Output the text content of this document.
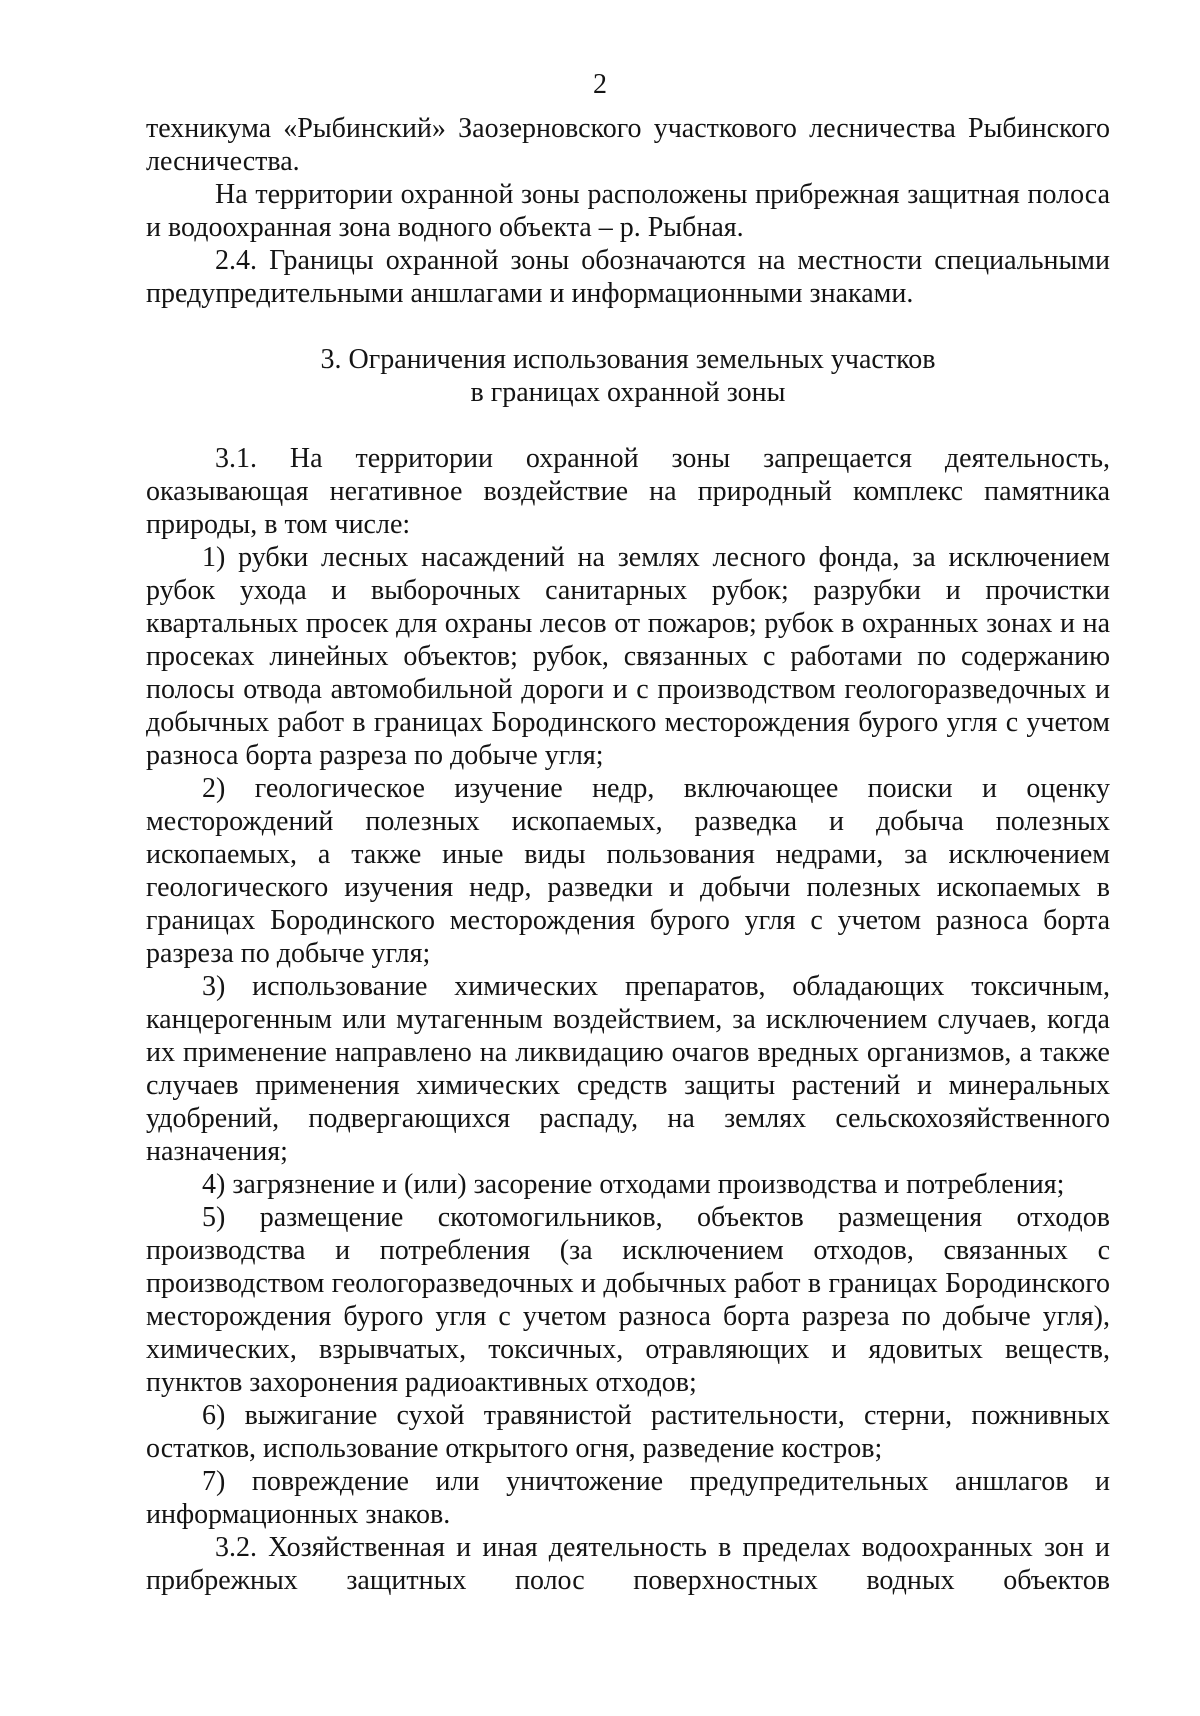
2

техникума «Рыбинский» Заозерновского участкового лесничества Рыбинского лесничества.

На территории охранной зоны расположены прибрежная защитная полоса и водоохранная зона водного объекта – р. Рыбная.

2.4. Границы охранной зоны обозначаются на местности специальными предупредительными аншлагами и информационными знаками.

3. Ограничения использования земельных участков
в границах охранной зоны

3.1. На территории охранной зоны запрещается деятельность, оказывающая негативное воздействие на природный комплекс памятника природы, в том числе:

1) рубки лесных насаждений на землях лесного фонда, за исключением рубок ухода и выборочных санитарных рубок; разрубки и прочистки квартальных просек для охраны лесов от пожаров; рубок в охранных зонах и на просеках линейных объектов; рубок, связанных с работами по содержанию полосы отвода автомобильной дороги и с производством геологоразведочных и добычных работ в границах Бородинского месторождения бурого угля с учетом разноса борта разреза по добыче угля;

2) геологическое изучение недр, включающее поиски и оценку месторождений полезных ископаемых, разведка и добыча полезных ископаемых, а также иные виды пользования недрами, за исключением геологического изучения недр, разведки и добычи полезных ископаемых в границах Бородинского месторождения бурого угля с учетом разноса борта разреза по добыче угля;

3) использование химических препаратов, обладающих токсичным, канцерогенным или мутагенным воздействием, за исключением случаев, когда их применение направлено на ликвидацию очагов вредных организмов, а также случаев применения химических средств защиты растений и минеральных удобрений, подвергающихся распаду, на землях сельскохозяйственного назначения;

4) загрязнение и (или) засорение отходами производства и потребления;

5) размещение скотомогильников, объектов размещения отходов производства и потребления (за исключением отходов, связанных с производством геологоразведочных и добычных работ в границах Бородинского месторождения бурого угля с учетом разноса борта разреза по добыче угля), химических, взрывчатых, токсичных, отравляющих и ядовитых веществ, пунктов захоронения радиоактивных отходов;

6) выжигание сухой травянистой растительности, стерни, пожнивных остатков, использование открытого огня, разведение костров;

7) повреждение или уничтожение предупредительных аншлагов и информационных знаков.

3.2. Хозяйственная и иная деятельность в пределах водоохранных зон и прибрежных защитных полос поверхностных водных объектов
